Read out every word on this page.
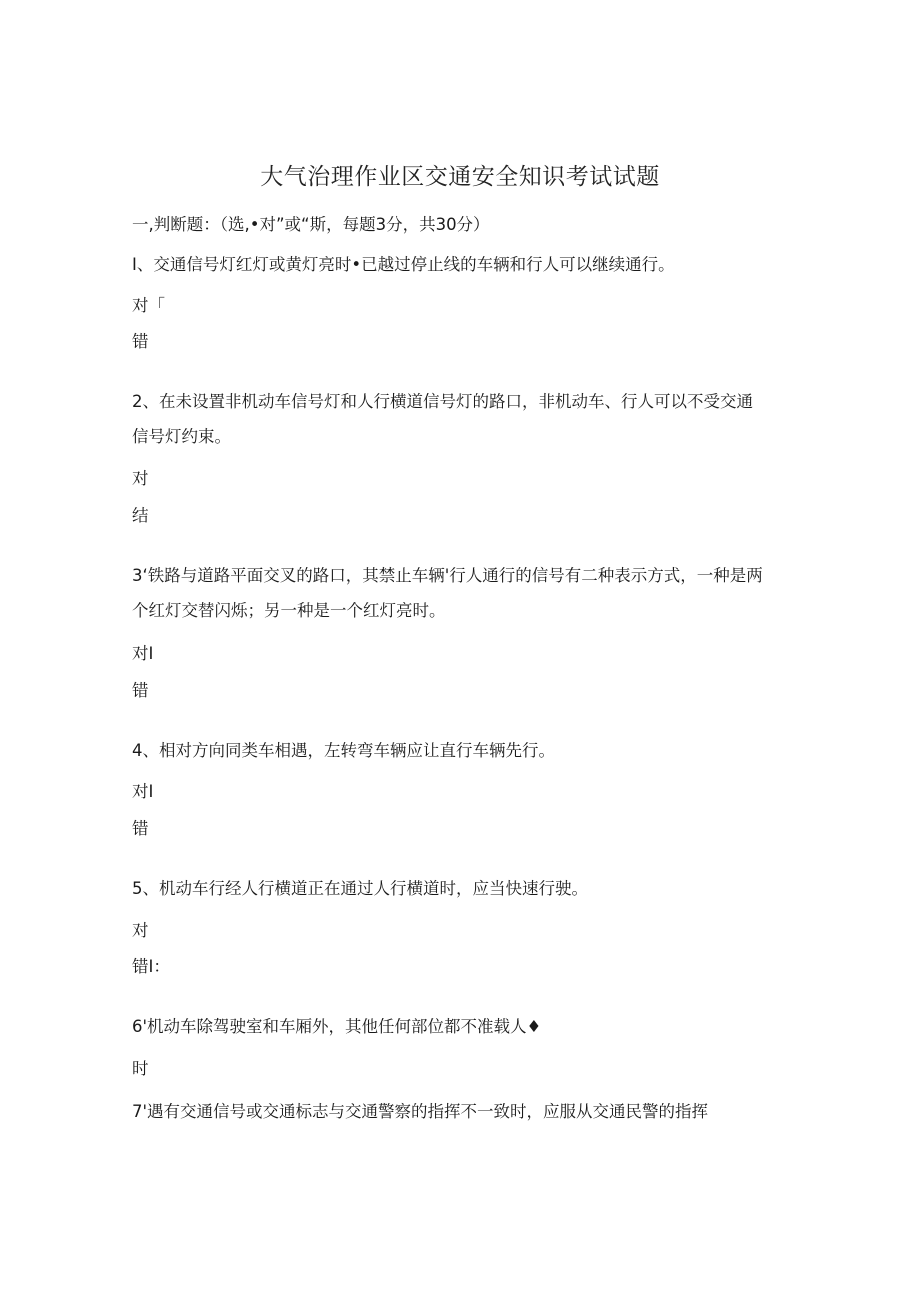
大气治理作业区交通安全知识考试试题
一,判断题：（选,•对”或“斯，每题3分，共30分）
I、交通信号灯红灯或黄灯亮时•已越过停止线的车辆和行人可以继续通行。
对「
错
2、在未设置非机动车信号灯和人行横道信号灯的路口，非机动车、行人可以不受交通
信号灯约束。
对
结
3‘铁路与道路平面交叉的路口，其禁止车辆'行人通行的信号有二种表示方式，一种是两
个红灯交替闪烁；另一种是一个红灯亮时。
对I
错
4、相对方向同类车相遇，左转弯车辆应让直行车辆先行。
对I
错
5、机动车行经人行横道正在通过人行横道时，应当快速行驶。
对
错I：
6'机动车除驾驶室和车厢外，其他任何部位都不准载人♦
时
7'遇有交通信号或交通标志与交通警察的指挥不一致时，应服从交通民警的指挥
